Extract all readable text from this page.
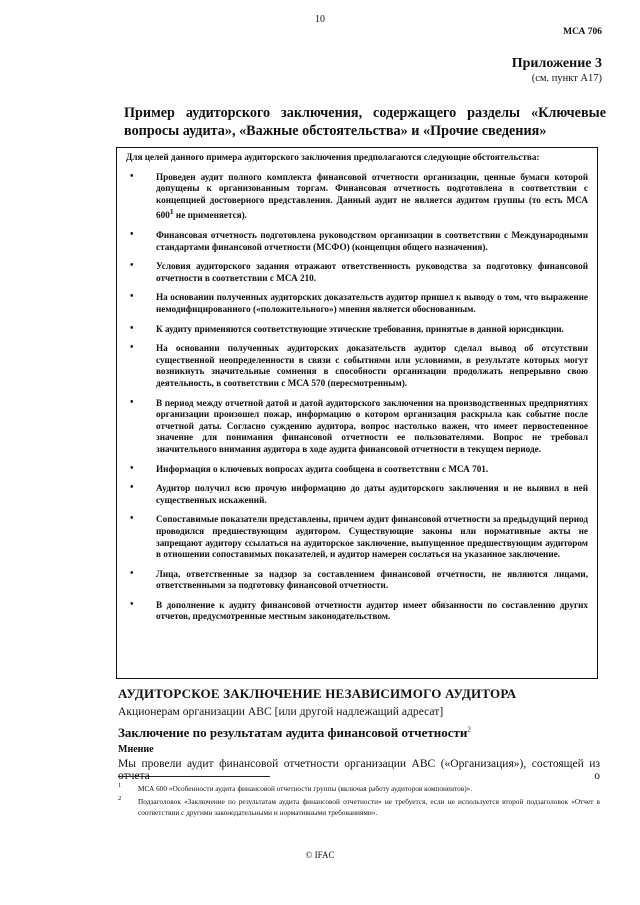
10
МСА 706
Приложение 3
(см. пункт А17)
Пример аудиторского заключения, содержащего разделы «Ключевые вопросы аудита», «Важные обстоятельства» и «Прочие сведения»
Для целей данного примера аудиторского заключения предполагаются следующие обстоятельства:
• Проведен аудит полного комплекта финансовой отчетности организации, ценные бумаги которой допущены к организованным торгам. Финансовая отчетность подготовлена в соответствии с концепцией достоверного представления. Данный аудит не является аудитом группы (то есть МСА $600^1$ не применяется).
• Финансовая отчетность подготовлена руководством организации в соответствии с Международными стандартами финансовой отчетности (МСФО) (концепция общего назначения).
• Условия аудиторского задания отражают ответственность руководства за подготовку финансовой отчетности в соответствии с МСА 210.
• На основании полученных аудиторских доказательств аудитор пришел к выводу о том, что выражение немодифицированного («положительного») мнения является обоснованным.
• К аудиту применяются соответствующие этические требования, принятые в данной юрисдикции.
• На основании полученных аудиторских доказательств аудитор сделал вывод об отсутствии существенной неопределенности в связи с событиями или условиями, в результате которых могут возникнуть значительные сомнения в способности организации продолжать непрерывно свою деятельность, в соответствии с МСА 570 (пересмотренным).
• В период между отчетной датой и датой аудиторского заключения на производственных предприятиях организации произошел пожар, информацию о котором организация раскрыла как событие после отчетной даты. Согласно суждению аудитора, вопрос настолько важен, что имеет первостепенное значение для понимания финансовой отчетности ее пользователями. Вопрос не требовал значительного внимания аудитора в ходе аудита финансовой отчетности в текущем периоде.
• Информация о ключевых вопросах аудита сообщена в соответствии с МСА 701.
• Аудитор получил всю прочую информацию до даты аудиторского заключения и не выявил в ней существенных искажений.
• Сопоставимые показатели представлены, причем аудит финансовой отчетности за предыдущий период проводился предшествующим аудитором. Существующие законы или нормативные акты не запрещают аудитору ссылаться на аудиторское заключение, выпущенное предшествующим аудитором в отношении сопоставимых показателей, и аудитор намерен сослаться на указанное заключение.
• Лица, ответственные за надзор за составлением финансовой отчетности, не являются лицами, ответственными за подготовку финансовой отчетности.
• В дополнение к аудиту финансовой отчетности аудитор имеет обязанности по составлению других отчетов, предусмотренные местным законодательством.
АУДИТОРСКОЕ ЗАКЛЮЧЕНИЕ НЕЗАВИСИМОГО АУДИТОРА
Акционерам организации ABC [или другой надлежащий адресат]
Заключение по результатам аудита финансовой отчетности$^2$
Мнение
Мы провели аудит финансовой отчетности организации ABC («Организация»), состоящей из отчета о
1 МСА 600 «Особенности аудита финансовой отчетности группы (включая работу аудиторов компонентов)».
2 Подзаголовок «Заключение по результатам аудита финансовой отчетности» не требуется, если не используется второй подзаголовок «Отчет в соответствии с другими законодательными и нормативными требованиями».
© IFAC
